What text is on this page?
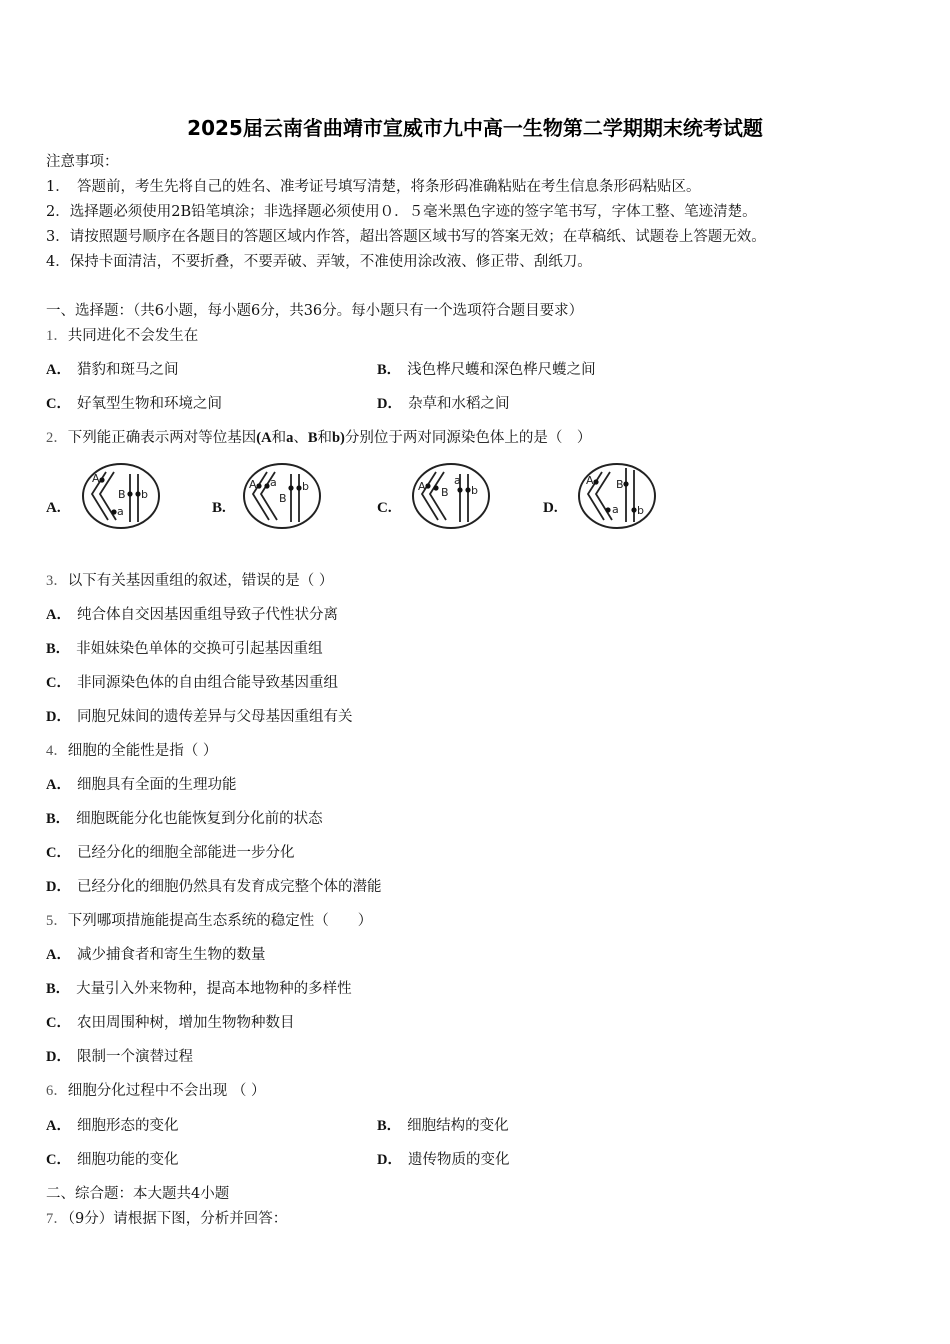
2025届云南省曲靖市宣威市九中高一生物第二学期期末统考试题
注意事项：
1．　答题前，考生先将自己的姓名、准考证号填写清楚，将条形码准确粘贴在考生信息条形码粘贴区。
2．选择题必须使用2B铅笔填涂；非选择题必须使用０．５毫米黑色字迹的签字笔书写，字体工整、笔迹清楚。
3．请按照题号顺序在各题目的答题区域内作答，超出答题区域书写的答案无效；在草稿纸、试题卷上答题无效。
4．保持卡面清洁，不要折叠，不要弄破、弄皱，不准使用涂改液、修正带、刮纸刀。
一、选择题：（共6小题，每小题6分，共36分。每小题只有一个选项符合题目要求）
1．共同进化不会发生在
A． 猎豹和斑马之间	B． 浅色桦尺蠖和深色桦尺蠖之间
C． 好氧型生物和环境之间	D． 杂草和水稻之间
2．下列能正确表示两对等位基因(A和a、B和b)分别位于两对同源染色体上的是（　）
A.
A
a
B b
B.
A a
B
b
C.
A B
a
b
D.
A
a
B
b
3．以下有关基因重组的叙述，错误的是（ ）
A． 纯合体自交因基因重组导致子代性状分离
B． 非姐妹染色单体的交换可引起基因重组
C． 非同源染色体的自由组合能导致基因重组
D． 同胞兄妹间的遗传差异与父母基因重组有关
4．细胞的全能性是指（ ）
A． 细胞具有全面的生理功能
B． 细胞既能分化也能恢复到分化前的状态
C． 已经分化的细胞全部能进一步分化
D． 已经分化的细胞仍然具有发育成完整个体的潜能
5．下列哪项措施能提高生态系统的稳定性（　　）
A． 减少捕食者和寄生生物的数量
B． 大量引入外来物种，提高本地物种的多样性
C． 农田周围种树，增加生物物种数目
D． 限制一个演替过程
6．细胞分化过程中不会出现 （ ）
A． 细胞形态的变化	B． 细胞结构的变化
C． 细胞功能的变化	D． 遗传物质的变化
二、综合题：本大题共4小题
7．（9分）请根据下图，分析并回答：
